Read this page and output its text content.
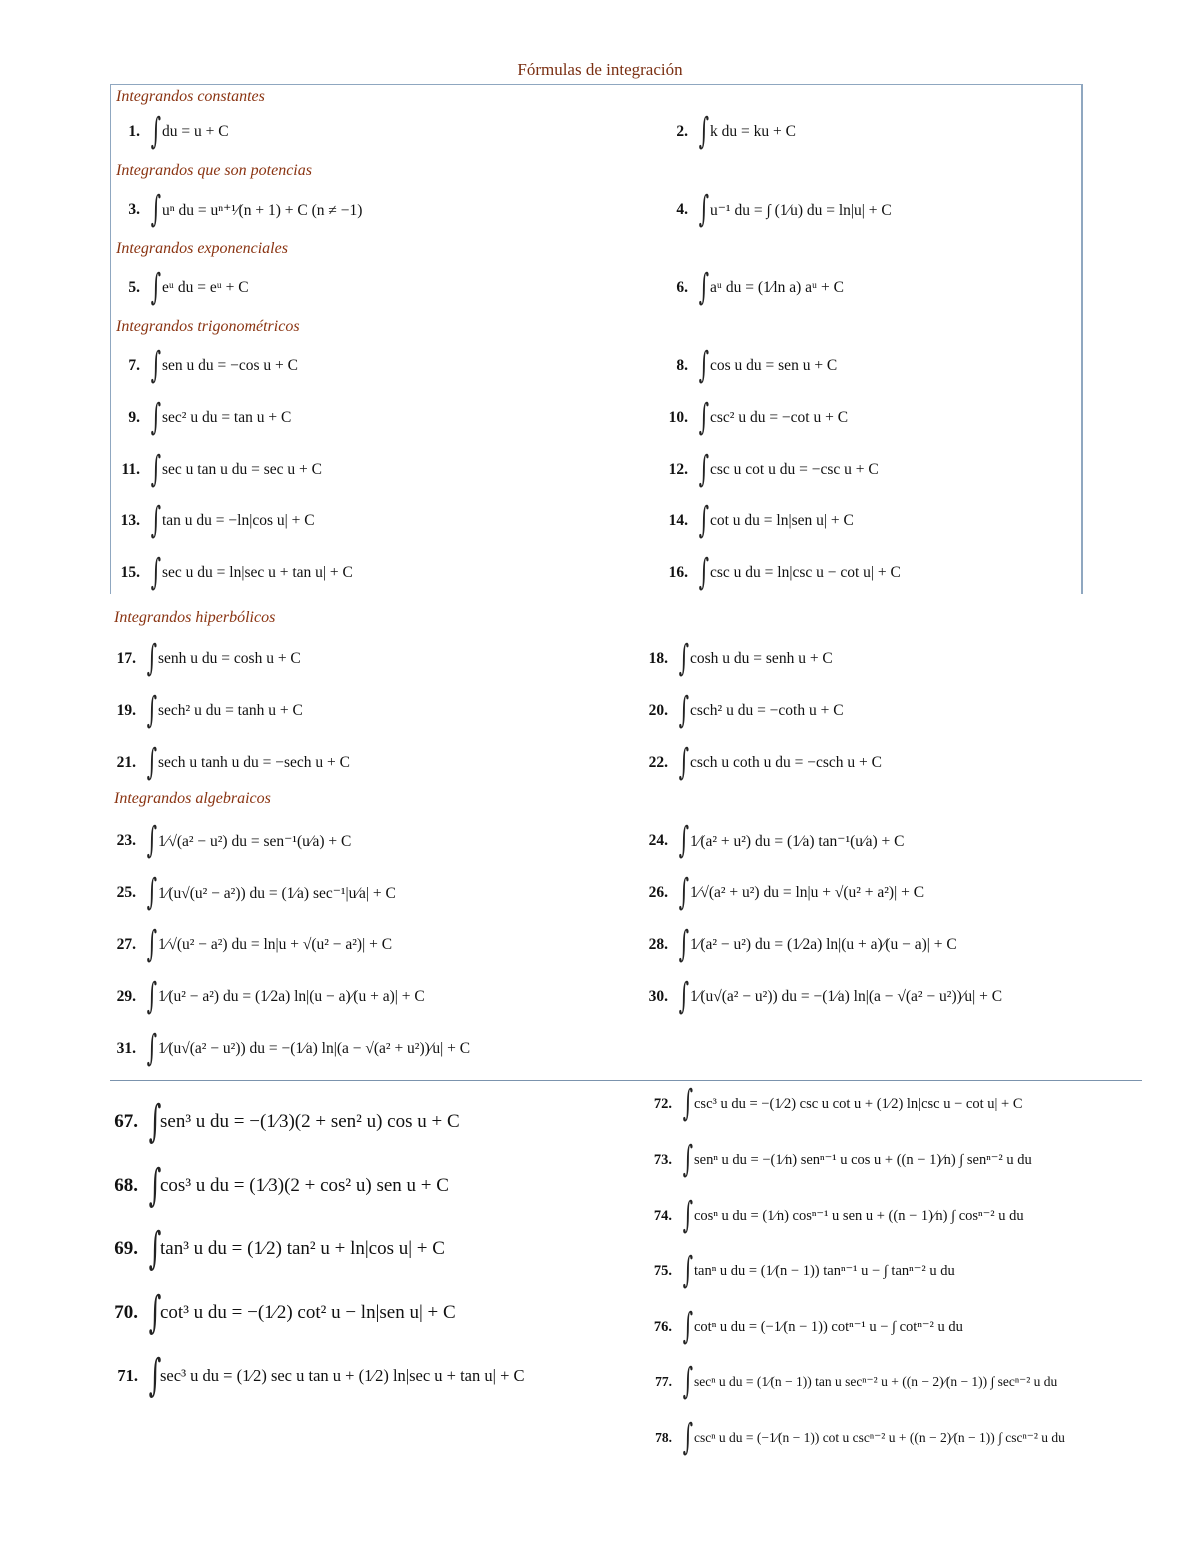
Fórmulas de integración
Integrandos constantes
Integrandos que son potencias
Integrandos exponenciales
Integrandos trigonométricos
Integrandos hiperbólicos
Integrandos algebraicos
1. ∫ du = u + C	2. ∫ k du = ku + C
3. ∫ uⁿ du = uⁿ⁺¹⁄(n + 1) + C (n ≠ −1)	4. ∫ u⁻¹ du = ∫ (1⁄u) du = ln|u| + C
5. ∫ eᵘ du = eᵘ + C	6. ∫ aᵘ du = (1⁄ln a) aᵘ + C
7. ∫ sen u du = −cos u + C	8. ∫ cos u du = sen u + C
9. ∫ sec² u du = tan u + C	10. ∫ csc² u du = −cot u + C
11. ∫ sec u tan u du = sec u + C	12. ∫ csc u cot u du = −csc u + C
13. ∫ tan u du = −ln|cos u| + C	14. ∫ cot u du = ln|sen u| + C
15. ∫ sec u du = ln|sec u + tan u| + C	16. ∫ csc u du = ln|csc u − cot u| + C
17. ∫ senh u du = cosh u + C	18. ∫ cosh u du = senh u + C
19. ∫ sech² u du = tanh u + C	20. ∫ csch² u du = −coth u + C
21. ∫ sech u tanh u du = −sech u + C	22. ∫ csch u coth u du = −csch u + C
23. ∫ 1⁄√(a² − u²) du = sen⁻¹(u⁄a) + C	24. ∫ 1⁄(a² + u²) du = (1⁄a) tan⁻¹(u⁄a) + C
25. ∫ 1⁄(u√(u² − a²)) du = (1⁄a) sec⁻¹|u⁄a| + C	26. ∫ 1⁄√(a² + u²) du = ln|u + √(u² + a²)| + C
27. ∫ 1⁄√(u² − a²) du = ln|u + √(u² − a²)| + C	28. ∫ 1⁄(a² − u²) du = (1⁄2a) ln|(u + a)⁄(u − a)| + C
29. ∫ 1⁄(u² − a²) du = (1⁄2a) ln|(u − a)⁄(u + a)| + C	30. ∫ 1⁄(u√(a² − u²)) du = −(1⁄a) ln|(a − √(a² − u²))⁄u| + C
31. ∫ 1⁄(u√(a² − u²)) du = −(1⁄a) ln|(a − √(a² + u²))⁄u| + C
67. ∫
sen³ u du = −(1⁄3)(2 + sen² u) cos u + C
68. ∫
cos³ u du = (1⁄3)(2 + cos² u) sen u + C
69. ∫
tan³ u du = (1⁄2) tan² u + ln|cos u| + C
70. ∫
cot³ u du = −(1⁄2) cot² u − ln|sen u| + C
71. ∫
sec³ u du = (1⁄2) sec u tan u + (1⁄2) ln|sec u + tan u| + C
72. ∫ csc³ u du = −(1⁄2) csc u cot u + (1⁄2) ln|csc u − cot u| + C
73. ∫ senⁿ u du = −(1⁄n) senⁿ⁻¹ u cos u + ((n − 1)⁄n) ∫ senⁿ⁻² u du
74. ∫ cosⁿ u du = (1⁄n) cosⁿ⁻¹ u sen u + ((n − 1)⁄n) ∫ cosⁿ⁻² u du
75. ∫ tanⁿ u du = (1⁄(n − 1)) tanⁿ⁻¹ u − ∫ tanⁿ⁻² u du
76. ∫ cotⁿ u du = (−1⁄(n − 1)) cotⁿ⁻¹ u − ∫ cotⁿ⁻² u du
77. ∫ secⁿ u du = (1⁄(n − 1)) tan u secⁿ⁻² u + ((n − 2)⁄(n − 1)) ∫ secⁿ⁻² u du
78. ∫ cscⁿ u du = (−1⁄(n − 1)) cot u cscⁿ⁻² u + ((n − 2)⁄(n − 1)) ∫ cscⁿ⁻² u du
